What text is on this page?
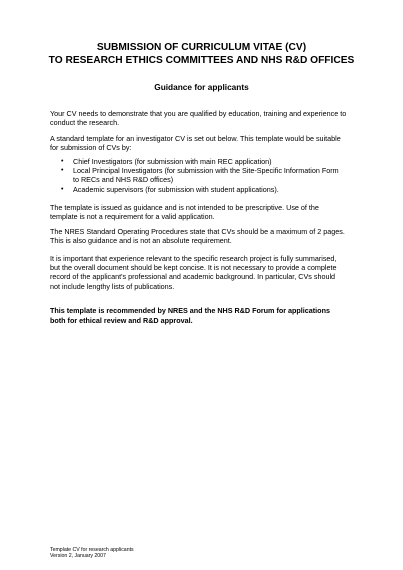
SUBMISSION OF CURRICULUM VITAE (CV)
TO RESEARCH ETHICS COMMITTEES AND NHS R&D OFFICES
Guidance for applicants
Your CV needs to demonstrate that you are qualified by education, training and experience to
conduct the research.
A standard template for an investigator CV is set out below. This template would be suitable
for submission of CVs by:
• Chief Investigators (for submission with main REC application)
• Local Principal Investigators (for submission with the Site-Specific Information Form
to RECs and NHS R&D offices)
• Academic supervisors (for submission with student applications).
The template is issued as guidance and is not intended to be prescriptive. Use of the
template is not a requirement for a valid application.
The NRES Standard Operating Procedures state that CVs should be a maximum of 2 pages.
This is also guidance and is not an absolute requirement.
It is important that experience relevant to the specific research project is fully summarised,
but the overall document should be kept concise. It is not necessary to provide a complete
record of the applicant's professional and academic background. In particular, CVs should
not include lengthy lists of publications.
This template is recommended by NRES and the NHS R&D Forum for applications
both for ethical review and R&D approval.
Template CV for research applicants
Version 2, January 2007
